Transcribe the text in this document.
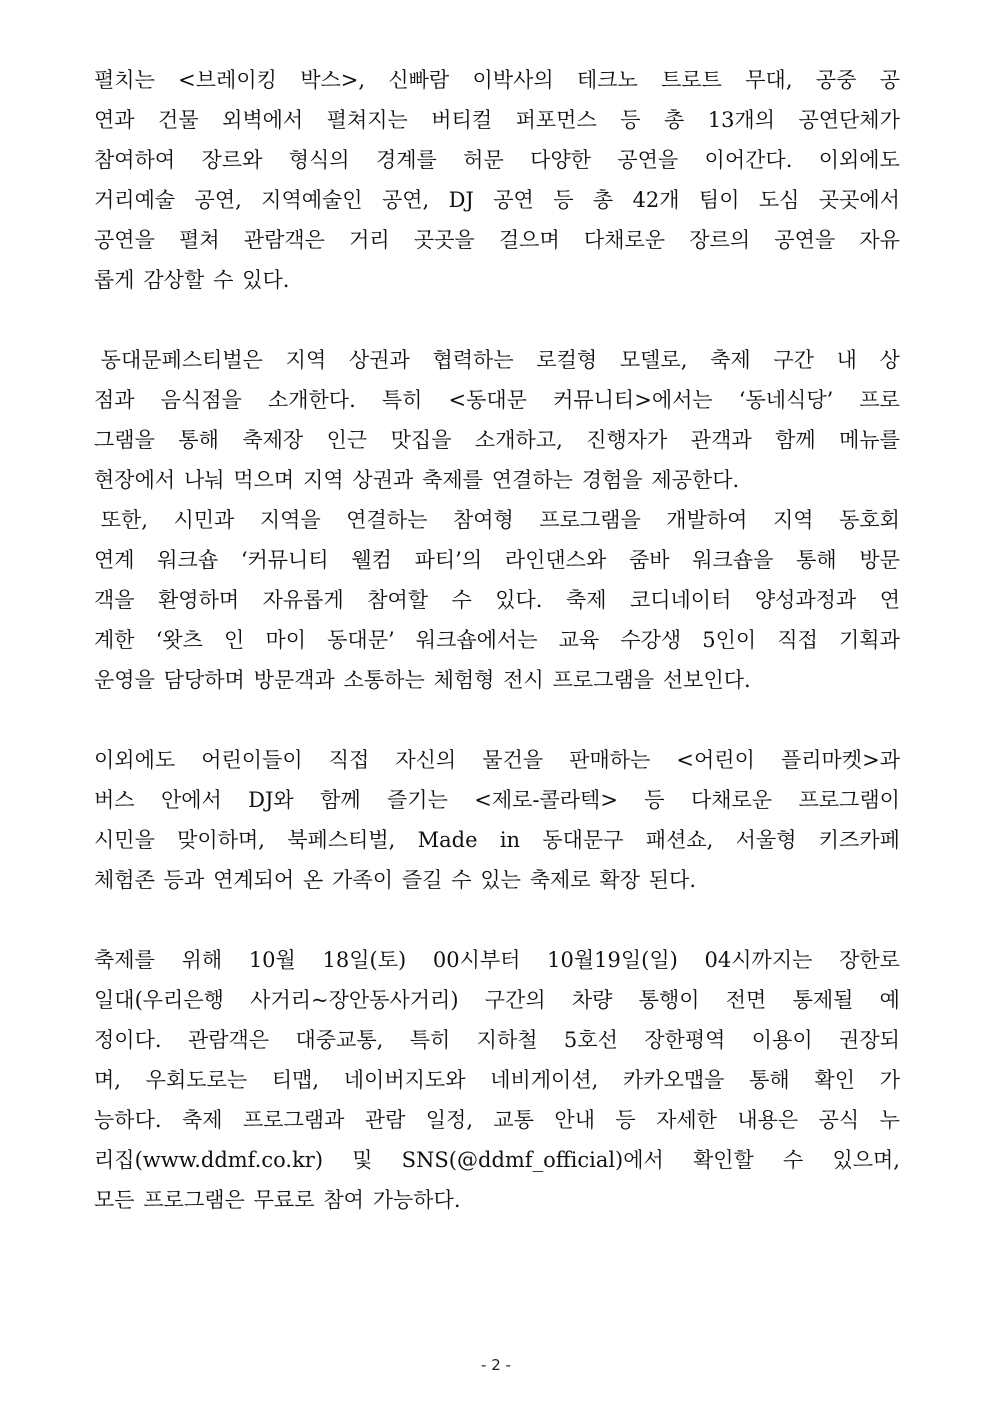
펼치는 <브레이킹 박스>, 신빠람 이박사의 테크노 트로트 무대, 공중 공
연과 건물 외벽에서 펼쳐지는 버티컬 퍼포먼스 등 총 13개의 공연단체가
참여하여 장르와 형식의 경계를 허문 다양한 공연을 이어간다. 이외에도
거리예술 공연, 지역예술인 공연, DJ 공연 등 총 42개 팀이 도심 곳곳에서
공연을 펼쳐 관람객은 거리 곳곳을 걸으며 다채로운 장르의 공연을 자유
롭게 감상할 수 있다.
동대문페스티벌은 지역 상권과 협력하는 로컬형 모델로, 축제 구간 내 상
점과 음식점을 소개한다. 특히 <동대문 커뮤니티>에서는 ‘동네식당’ 프로
그램을 통해 축제장 인근 맛집을 소개하고, 진행자가 관객과 함께 메뉴를
현장에서 나눠 먹으며 지역 상권과 축제를 연결하는 경험을 제공한다.
또한, 시민과 지역을 연결하는 참여형 프로그램을 개발하여 지역 동호회
연계 워크숍 ‘커뮤니티 웰컴 파티’의 라인댄스와 줌바 워크숍을 통해 방문
객을 환영하며 자유롭게 참여할 수 있다. 축제 코디네이터 양성과정과 연
계한 ‘왓츠 인 마이 동대문’ 워크숍에서는 교육 수강생 5인이 직접 기획과
운영을 담당하며 방문객과 소통하는 체험형 전시 프로그램을 선보인다.
이외에도 어린이들이 직접 자신의 물건을 판매하는 <어린이 플리마켓>과
버스 안에서 DJ와 함께 즐기는 <제로-콜라텍> 등 다채로운 프로그램이
시민을 맞이하며, 북페스티벌, Made in 동대문구 패션쇼, 서울형 키즈카페
체험존 등과 연계되어 온 가족이 즐길 수 있는 축제로 확장 된다.
축제를 위해 10월 18일(토) 00시부터 10월19일(일) 04시까지는 장한로
일대(우리은행 사거리~장안동사거리) 구간의 차량 통행이 전면 통제될 예
정이다. 관람객은 대중교통, 특히 지하철 5호선 장한평역 이용이 권장되
며, 우회도로는 티맵, 네이버지도와 네비게이션, 카카오맵을 통해 확인 가
능하다. 축제 프로그램과 관람 일정, 교통 안내 등 자세한 내용은 공식 누
리집(www.ddmf.co.kr) 및 SNS(@ddmf_official)에서 확인할 수 있으며,
모든 프로그램은 무료로 참여 가능하다.
- 2 -
